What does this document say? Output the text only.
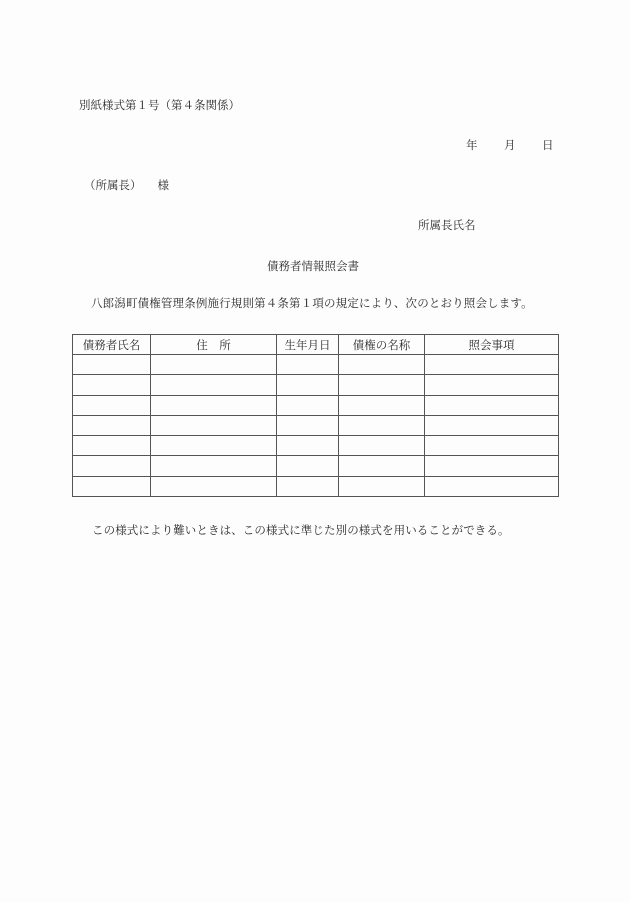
別紙様式第１号（第４条関係）
年 月 日
（所属長） 様
所属長氏名
債務者情報照会書
八郎潟町債権管理条例施行規則第４条第１項の規定により、次のとおり照会します。
債務者氏名	住　所	生年月日	債権の名称	照会事項

この様式により難いときは、この様式に準じた別の様式を用いることができる。
